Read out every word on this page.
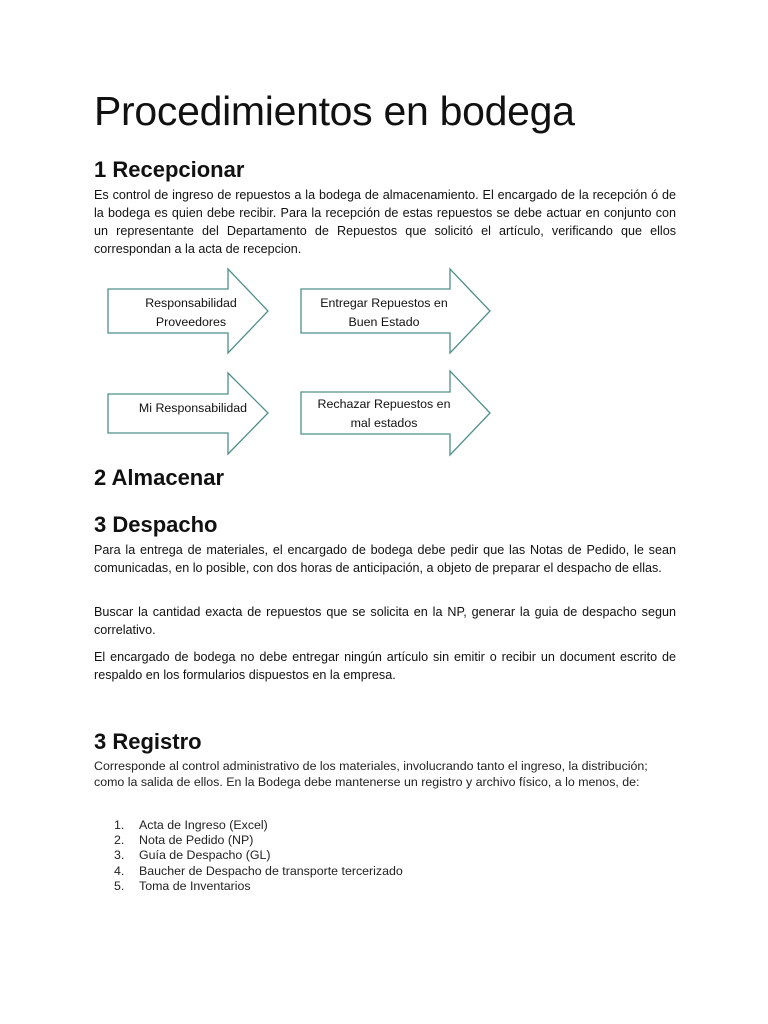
Procedimientos en bodega
1 Recepcionar

Es control de ingreso de repuestos a la bodega de almacenamiento. El encargado de la recepción ó de la bodega es quien debe recibir. Para la recepción de estas repuestos se debe actuar en conjunto con un representante del Departamento de Repuestos que solicitó el artículo, verificando que ellos correspondan a la acta de recepcion.

Responsabilidad Proveedores
Entregar Repuestos en Buen Estado
Mi Responsabilidad	Rechazar Repuestos en mal estados
2 Almacenar
3 Despacho

Para la entrega de materiales, el encargado de bodega debe pedir que las Notas de Pedido, le sean comunicadas, en lo posible, con dos horas de anticipación, a objeto de preparar el despacho de ellas.

Buscar la cantidad exacta de repuestos que se solicita en la NP, generar la guia de despacho segun correlativo.

El encargado de bodega no debe entregar ningún artículo sin emitir o recibir un document escrito de respaldo en los formularios dispuestos en la empresa.

3 Registro

Corresponde al control administrativo de los materiales, involucrando tanto el ingreso, la distribución; como la salida de ellos. En la Bodega debe mantenerse un registro y archivo físico, a lo menos, de:

1. Acta de Ingreso (Excel)
2. Nota de Pedido (NP)
3. Guía de Despacho (GL)
4. Baucher de Despacho de transporte tercerizado
5. Toma de Inventarios
